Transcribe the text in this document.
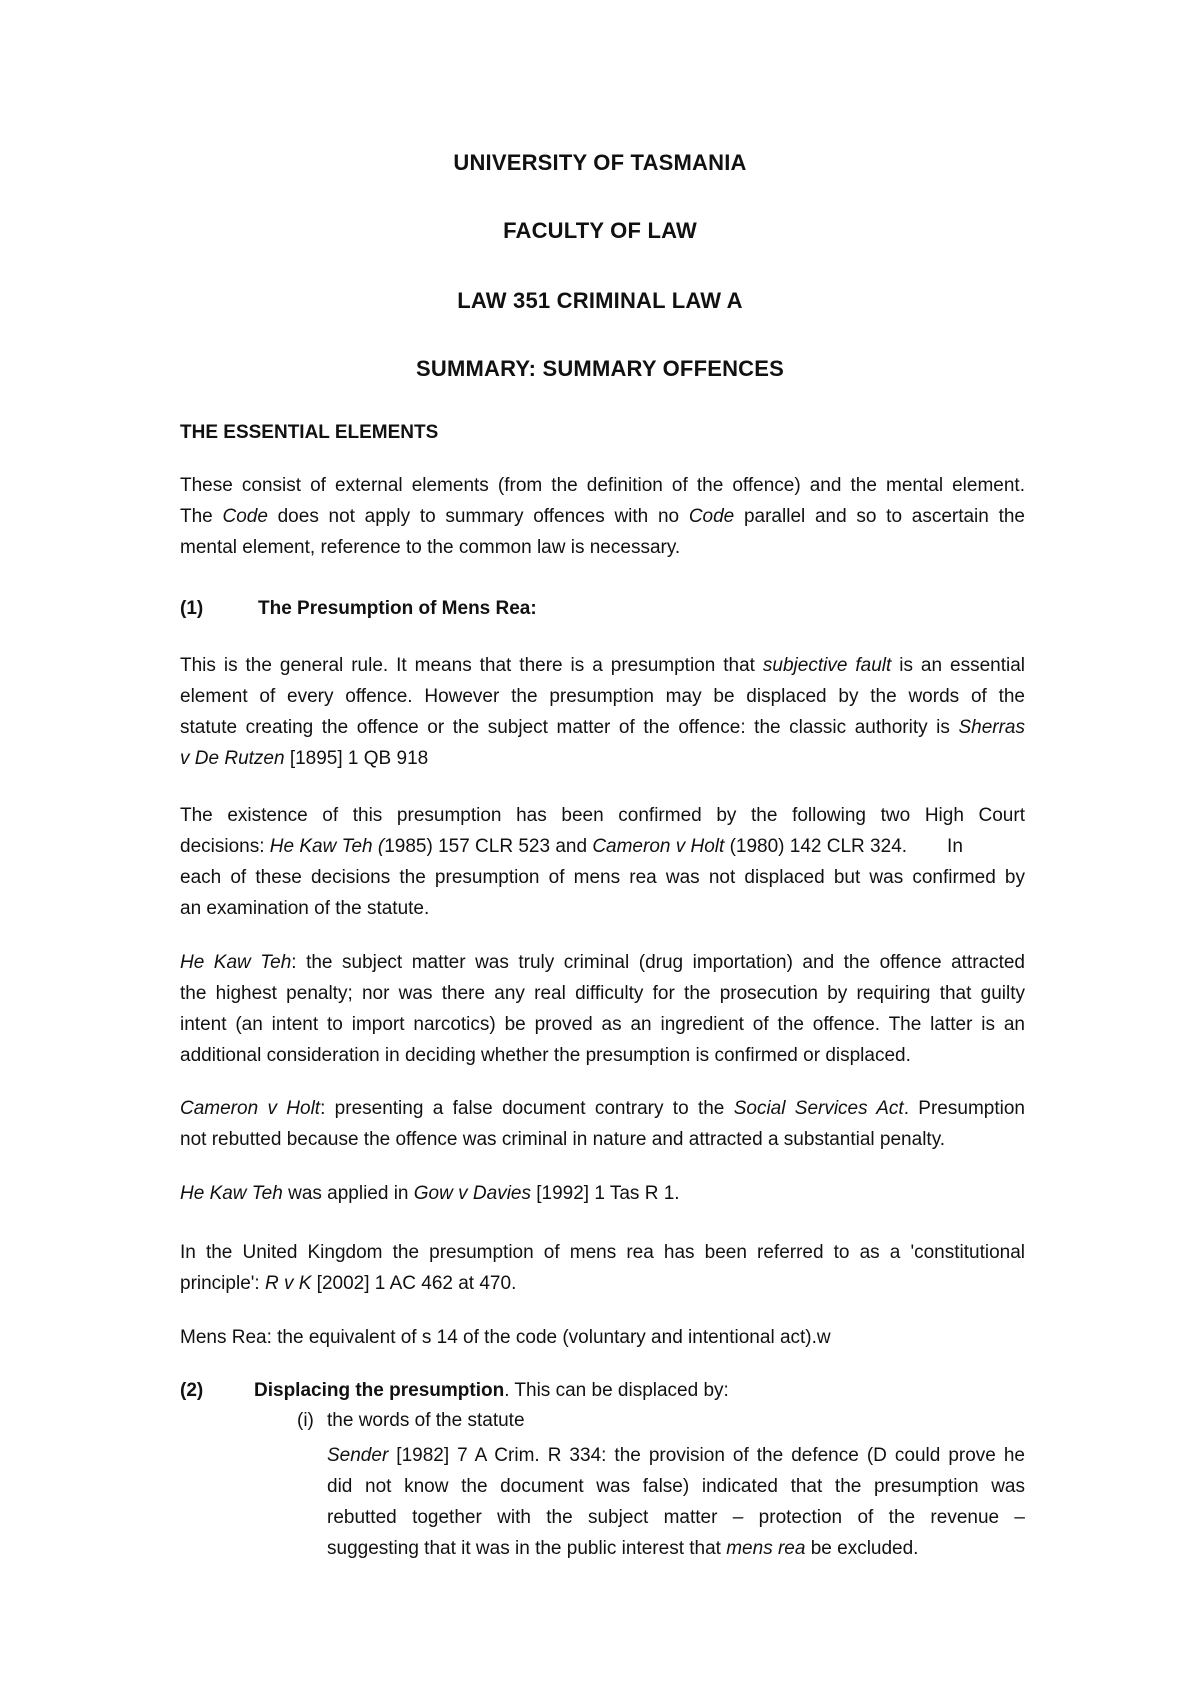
UNIVERSITY OF TASMANIA
FACULTY OF LAW
LAW 351 CRIMINAL LAW A
SUMMARY: SUMMARY OFFENCES
THE ESSENTIAL ELEMENTS
These consist of external elements (from the definition of the offence) and the mental element.
The Code does not apply to summary offences with no Code parallel and so to ascertain the
mental element, reference to the common law is necessary.
(1)	The Presumption of Mens Rea:
This is the general rule. It means that there is a presumption that subjective fault is an essential
element of every offence. However the presumption may be displaced by the words of the
statute creating the offence or the subject matter of the offence: the classic authority is Sherras
v De Rutzen [1895] 1 QB 918
The existence of this presumption has been confirmed by the following two High Court
decisions: He Kaw Teh (1985) 157 CLR 523 and Cameron v Holt (1980) 142 CLR 324. In
each of these decisions the presumption of mens rea was not displaced but was confirmed by
an examination of the statute.
He Kaw Teh: the subject matter was truly criminal (drug importation) and the offence attracted
the highest penalty; nor was there any real difficulty for the prosecution by requiring that guilty
intent (an intent to import narcotics) be proved as an ingredient of the offence. The latter is an
additional consideration in deciding whether the presumption is confirmed or displaced.
Cameron v Holt: presenting a false document contrary to the Social Services Act. Presumption
not rebutted because the offence was criminal in nature and attracted a substantial penalty.
He Kaw Teh was applied in Gow v Davies [1992] 1 Tas R 1.
In the United Kingdom the presumption of mens rea has been referred to as a 'constitutional
principle': R v K [2002] 1 AC 462 at 470.
Mens Rea: the equivalent of s 14 of the code (voluntary and intentional act).w
(2)	Displacing the presumption. This can be displaced by:
(i) the words of the statute
Sender [1982] 7 A Crim. R 334: the provision of the defence (D could prove he
did not know the document was false) indicated that the presumption was
rebutted together with the subject matter – protection of the revenue –
suggesting that it was in the public interest that mens rea be excluded.
